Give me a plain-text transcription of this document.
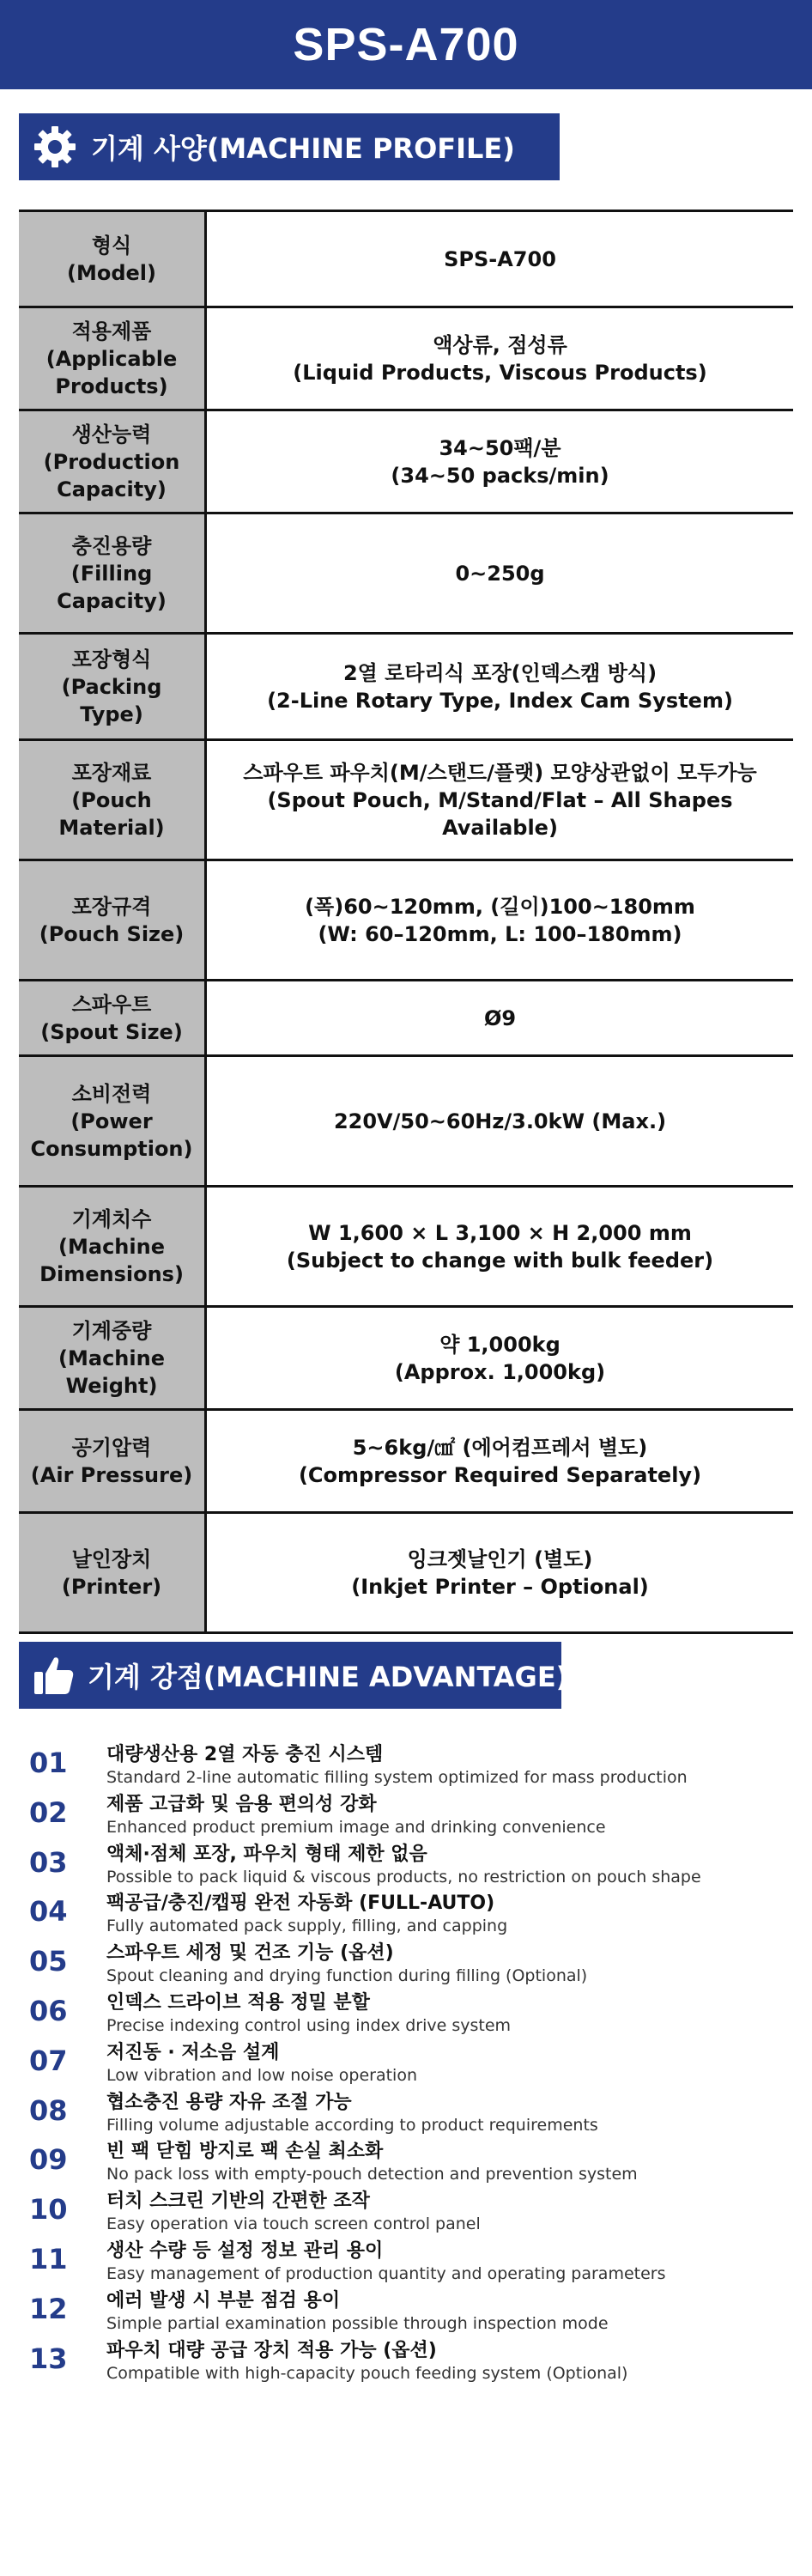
SPS-A700
기계 사양(MACHINE PROFILE)
형식
(Model)	SPS-A700
적용제품
(Applicable
Products)	액상류, 점성류
(Liquid Products, Viscous Products)
생산능력
(Production
Capacity)	34~50팩/분
(34~50 packs/min)
충진용량
(Filling
Capacity)	0~250g
포장형식
(Packing
Type)	2열 로타리식 포장(인덱스캠 방식)
(2-Line Rotary Type, Index Cam System)
포장재료
(Pouch
Material)	스파우트 파우치(M/스탠드/플랫) 모양상관없이 모두가능
(Spout Pouch, M/Stand/Flat – All Shapes
Available)
포장규격
(Pouch Size)	(폭)60~120mm, (길이)100~180mm
(W: 60–120mm, L: 100–180mm)
스파우트
(Spout Size)	Ø9
소비전력
(Power
Consumption)	220V/50~60Hz/3.0kW (Max.)
기계치수
(Machine
Dimensions)	W 1,600 × L 3,100 × H 2,000 mm
(Subject to change with bulk feeder)
기계중량
(Machine
Weight)	약 1,000kg
(Approx. 1,000kg)
공기압력
(Air Pressure)	5~6kg/㎠ (에어컴프레서 별도)
(Compressor Required Separately)
날인장치
(Printer)	잉크젯날인기 (별도)
(Inkjet Printer – Optional)
기계 강점(MACHINE ADVANTAGE)
01	대량생산용 2열 자동 충진 시스템
Standard 2-line automatic filling system optimized for mass production
02	제품 고급화 및 음용 편의성 강화
Enhanced product premium image and drinking convenience
03	액체·점체 포장, 파우치 형태 제한 없음
Possible to pack liquid & viscous products, no restriction on pouch shape
04	팩공급/충진/캡핑 완전 자동화 (FULL-AUTO)
Fully automated pack supply, filling, and capping
05	스파우트 세정 및 건조 기능 (옵션)
Spout cleaning and drying function during filling (Optional)
06	인덱스 드라이브 적용 정밀 분할
Precise indexing control using index drive system
07	저진동 · 저소음 설계
Low vibration and low noise operation
08	협소충진 용량 자유 조절 가능
Filling volume adjustable according to product requirements
09	빈 팩 닫힘 방지로 팩 손실 최소화
No pack loss with empty-pouch detection and prevention system
10	터치 스크린 기반의 간편한 조작
Easy operation via touch screen control panel
11	생산 수량 등 설정 정보 관리 용이
Easy management of production quantity and operating parameters
12	에러 발생 시 부분 점검 용이
Simple partial examination possible through inspection mode
13	파우치 대량 공급 장치 적용 가능 (옵션)
Compatible with high-capacity pouch feeding system (Optional)
